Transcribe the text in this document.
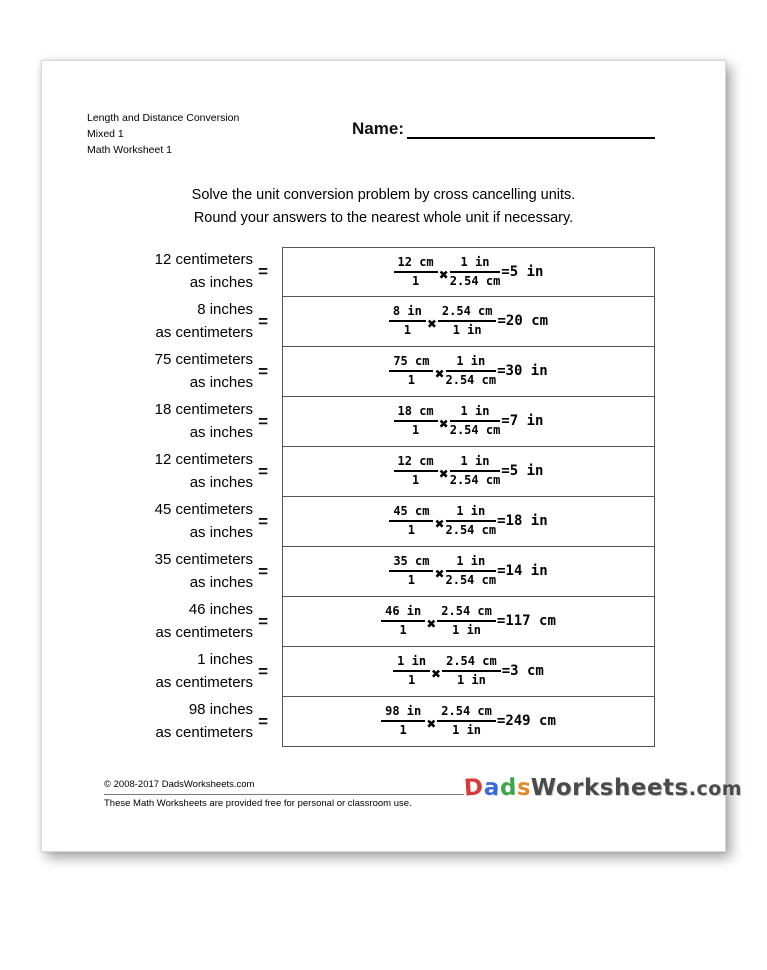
Length and Distance Conversion
Mixed 1
Math Worksheet 1
Name:
Solve the unit conversion problem by cross cancelling units.
Round your answers to the nearest whole unit if necessary.
12 centimeters
as inches
=	$\frac{12 cm}{1}$ ✖ $\frac{1 in}{2.54 cm} = 5$ in
8 inches
as centimeters
=	$\frac{8 in}{1}$ ✖ $\frac{2.54 cm}{1 in} = 20$ cm
75 centimeters
as inches
=	$\frac{75 cm}{1}$ ✖ $\frac{1 in}{2.54 cm} = 30$ in
18 centimeters
as inches
=	$\frac{18 cm}{1}$ ✖ $\frac{1 in}{2.54 cm} = 7$ in
12 centimeters
as inches
=	$\frac{12 cm}{1}$ ✖ $\frac{1 in}{2.54 cm} = 5$ in
45 centimeters
as inches
=	$\frac{45 cm}{1}$ ✖ $\frac{1 in}{2.54 cm} = 18$ in
35 centimeters
as inches
=	$\frac{35 cm}{1}$ ✖ $\frac{1 in}{2.54 cm} = 14$ in
46 inches
as centimeters
=	$\frac{46 in}{1}$ ✖ $\frac{2.54 cm}{1 in} = 117$ cm
1 inches
as centimeters
=	$\frac{1 in}{1}$ ✖ $\frac{2.54 cm}{1 in} = 3$ cm
98 inches
as centimeters
=	$\frac{98 in}{1}$ ✖ $\frac{2.54 cm}{1 in} = 249$ cm
© 2008-2017 DadsWorksheets.com
These Math Worksheets are provided free for personal or classroom use.
DadsWorksheets.com
